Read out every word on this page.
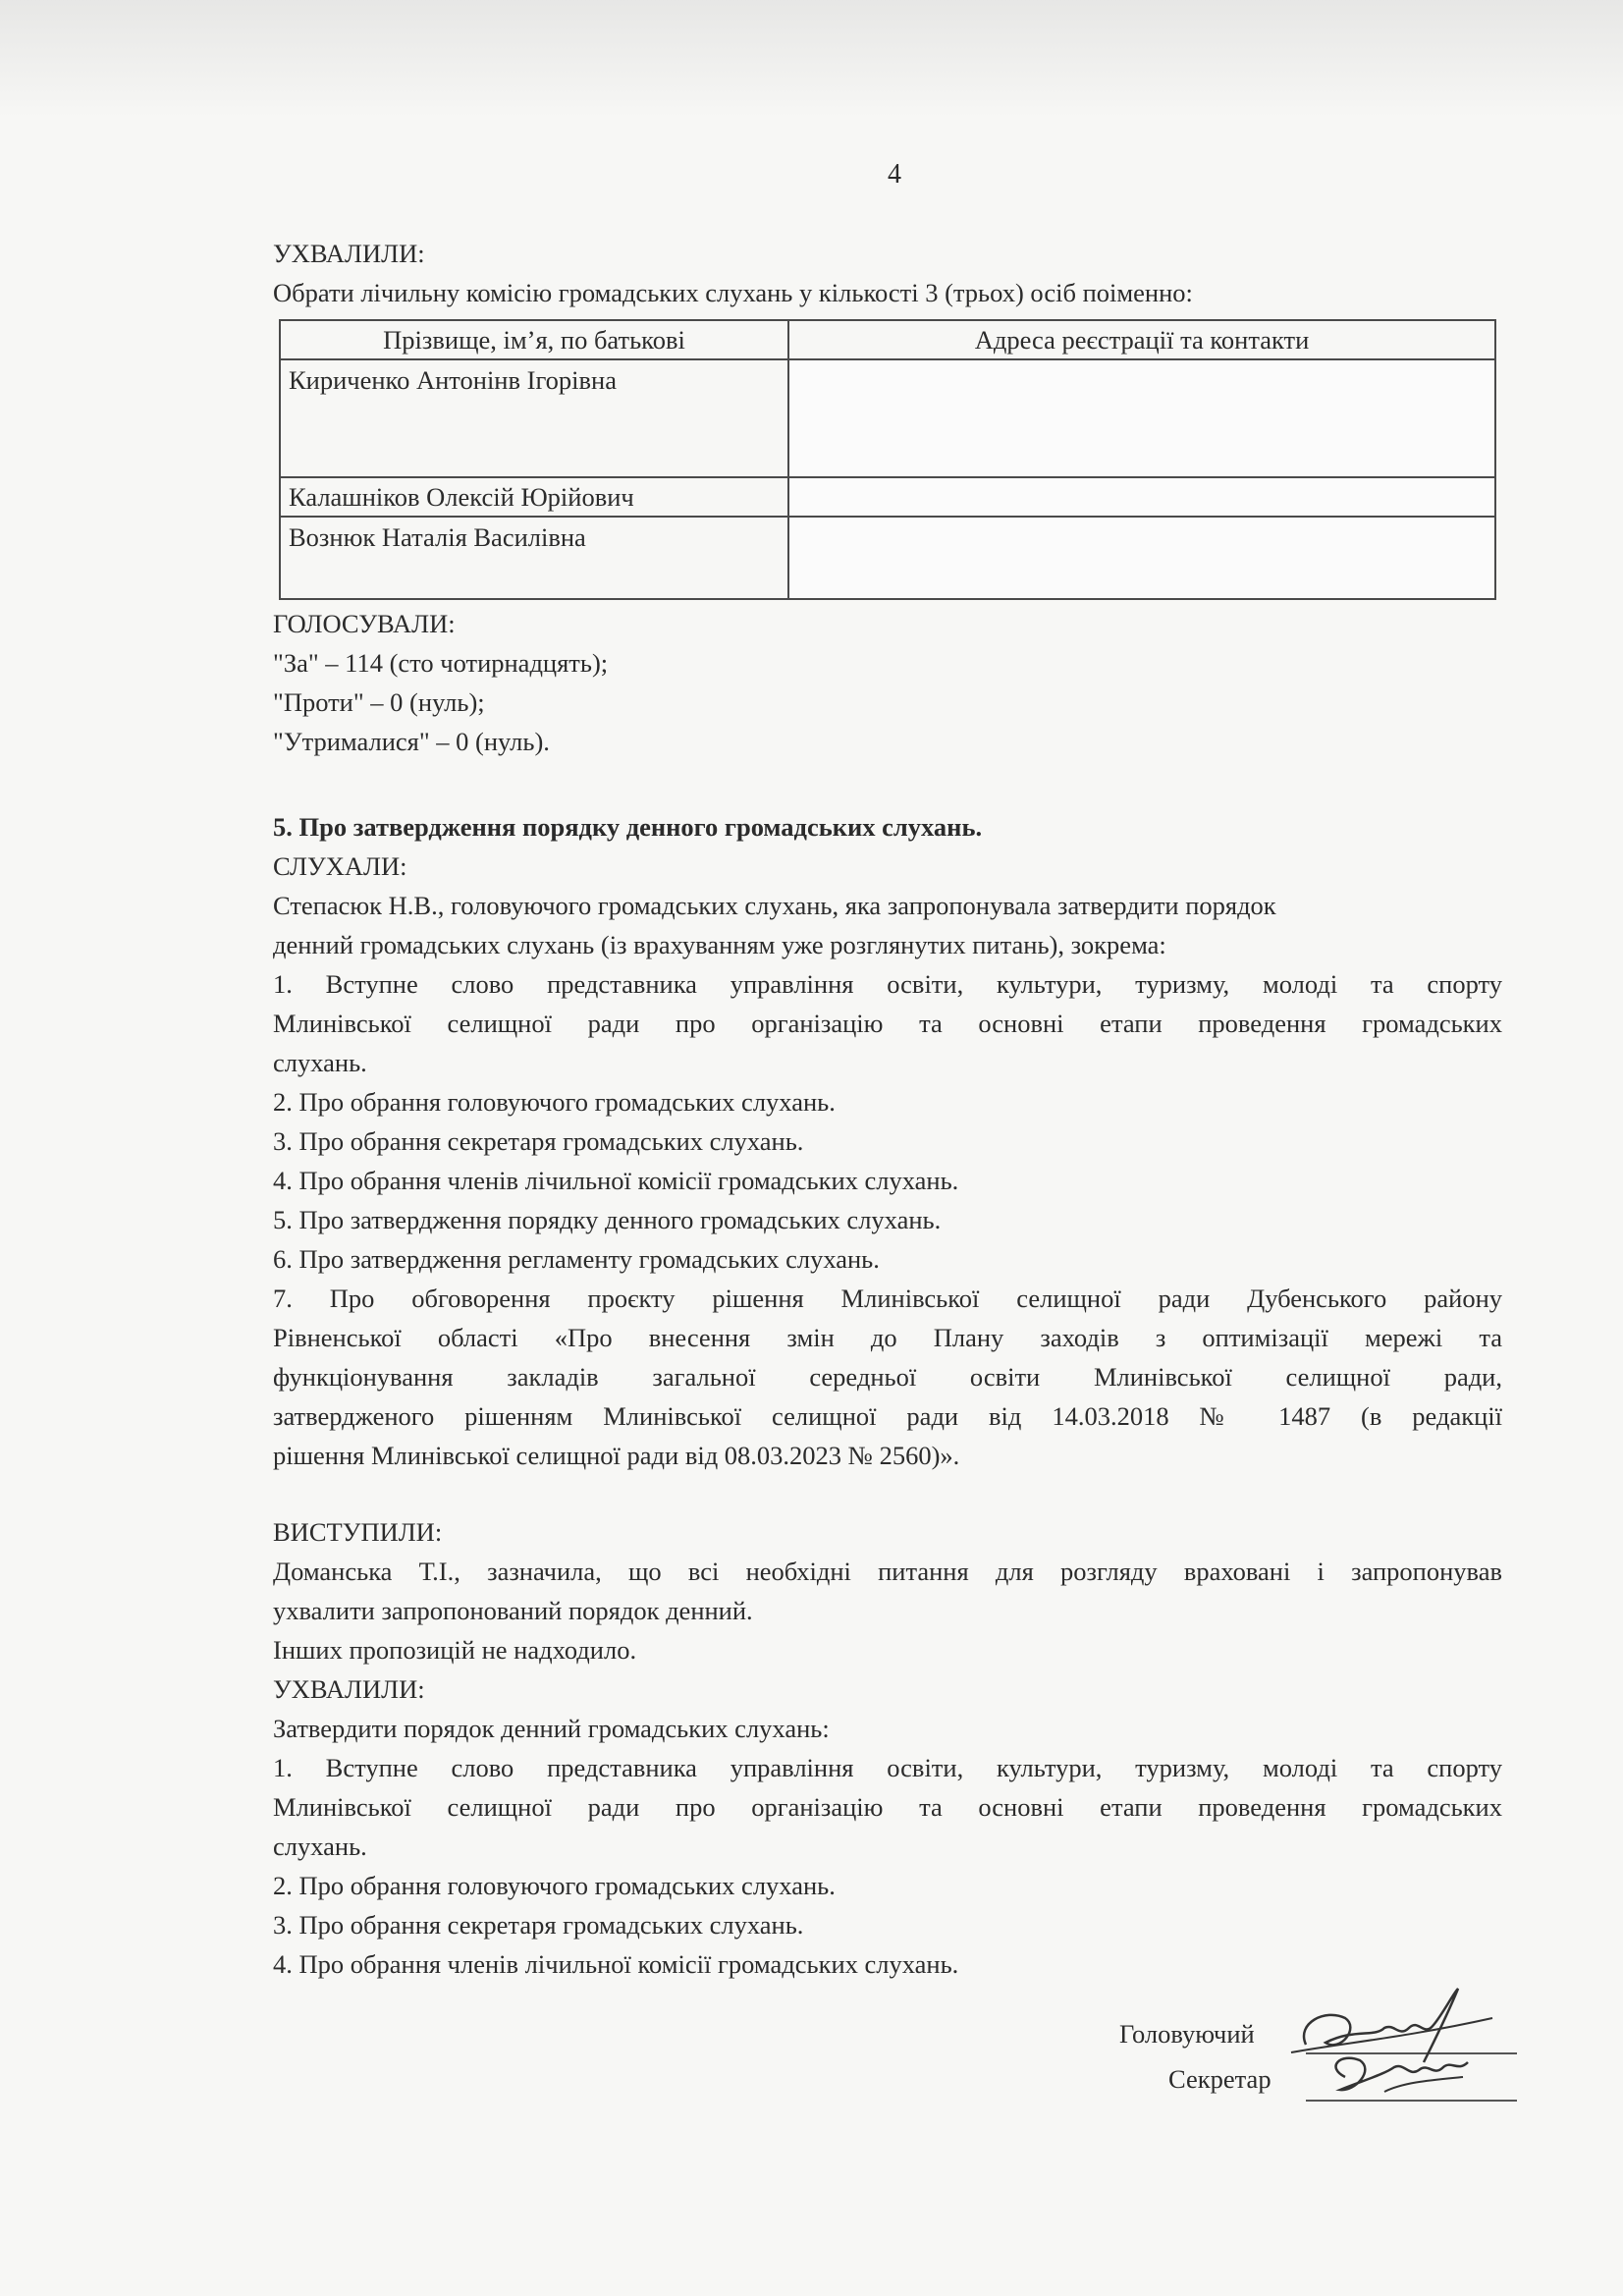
4
УХВАЛИЛИ:
Обрати лічильну комісію громадських слухань у кількості 3 (трьох) осіб поіменно:
Прізвище, ім’я, по батькові	Адреса реєстрації та контакти
Кириченко Антонінв Ігорівна	
Калашніков Олексій Юрійович	
Вознюк Наталія Василівна	
ГОЛОСУВАЛИ:
"За" – 114 (сто чотирнадцять);
"Проти" – 0 (нуль);
"Утрималися" – 0 (нуль).
5. Про затвердження порядку денного громадських слухань.
СЛУХАЛИ:
Степасюк Н.В., головуючого громадських слухань, яка запропонувала затвердити порядок
денний громадських слухань (із врахуванням уже розглянутих питань), зокрема:
1. Вступне слово представника управління освіти, культури, туризму, молоді та спорту
Млинівської селищної ради про організацію та основні етапи проведення громадських
слухань.
2. Про обрання головуючого громадських слухань.
3. Про обрання секретаря громадських слухань.
4. Про обрання членів лічильної комісії громадських слухань.
5. Про затвердження порядку денного громадських слухань.
6. Про затвердження регламенту громадських слухань.
7. Про обговорення проєкту рішення Млинівської селищної ради Дубенського району
Рівненської області «Про внесення змін до Плану заходів з оптимізації мережі та
функціонування закладів загальної середньої освіти Млинівської селищної ради,
затвердженого рішенням Млинівської селищної ради від 14.03.2018 № 1487 (в редакції
рішення Млинівської селищної ради від 08.03.2023 № 2560)».
ВИСТУПИЛИ:
Доманська Т.І., зазначила, що всі необхідні питання для розгляду враховані і запропонував
ухвалити запропонований порядок денний.
Інших пропозицій не надходило.
УХВАЛИЛИ:
Затвердити порядок денний громадських слухань:
1. Вступне слово представника управління освіти, культури, туризму, молоді та спорту
Млинівської селищної ради про організацію та основні етапи проведення громадських
слухань.
2. Про обрання головуючого громадських слухань.
3. Про обрання секретаря громадських слухань.
4. Про обрання членів лічильної комісії громадських слухань.
Головуючий
Секретар
